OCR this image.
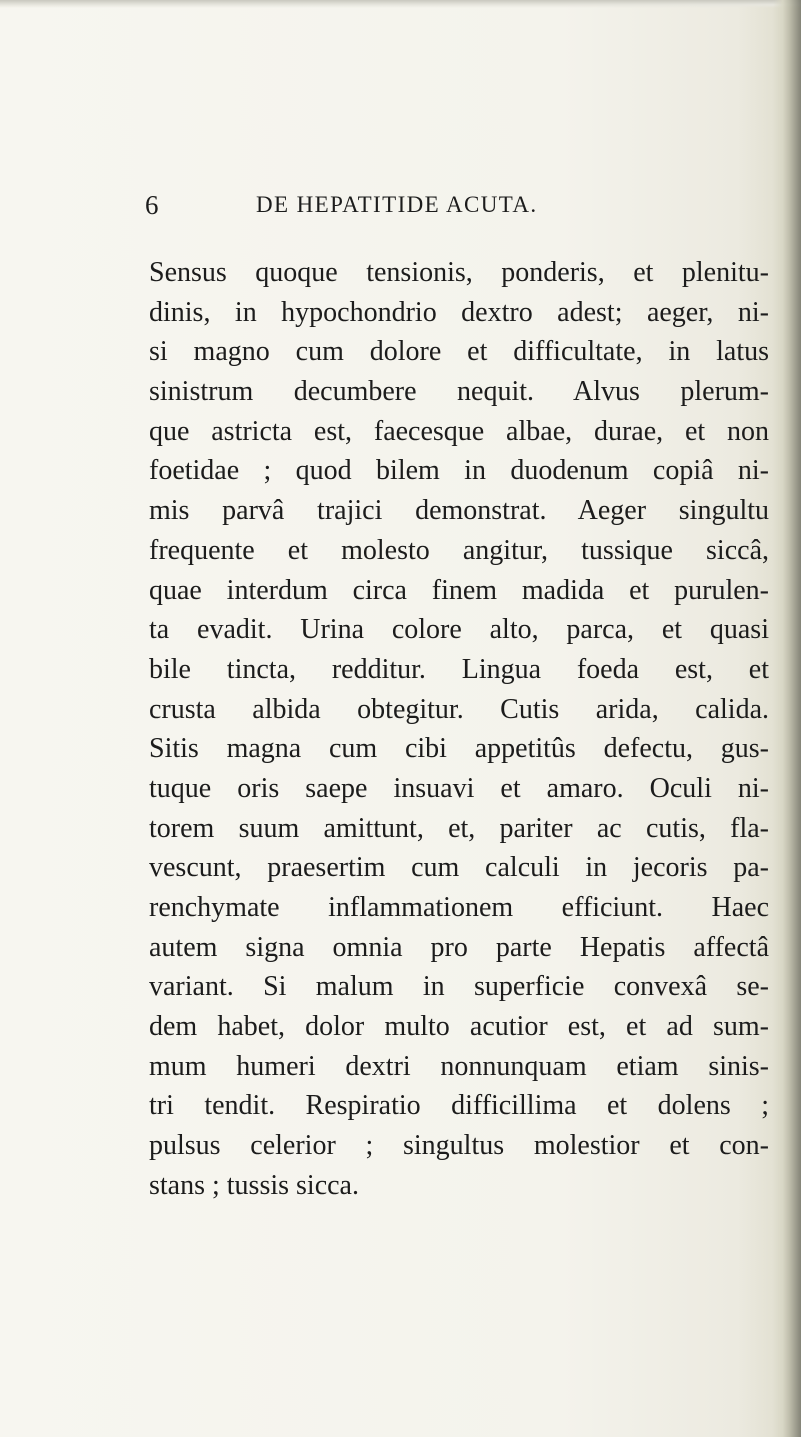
6	DE HEPATITIDE ACUTA.
Sensus quoque tensionis, ponderis, et plenitu-
dinis, in hypochondrio dextro adest; aeger, ni-
si magno cum dolore et difficultate, in latus
sinistrum decumbere nequit. Alvus plerum-
que astricta est, faecesque albae, durae, et non
foetidae ; quod bilem in duodenum copiâ ni-
mis parvâ trajici demonstrat. Aeger singultu
frequente et molesto angitur, tussique siccâ,
quae interdum circa finem madida et purulen-
ta evadit. Urina colore alto, parca, et quasi
bile tincta, redditur. Lingua foeda est, et
crusta albida obtegitur. Cutis arida, calida.
Sitis magna cum cibi appetitûs defectu, gus-
tuque oris saepe insuavi et amaro. Oculi ni-
torem suum amittunt, et, pariter ac cutis, fla-
vescunt, praesertim cum calculi in jecoris pa-
renchymate inflammationem efficiunt. Haec
autem signa omnia pro parte Hepatis affectâ
variant. Si malum in superficie convexâ se-
dem habet, dolor multo acutior est, et ad sum-
mum humeri dextri nonnunquam etiam sinis-
tri tendit. Respiratio difficillima et dolens ;
pulsus celerior ; singultus molestior et con-
stans ; tussis sicca.
